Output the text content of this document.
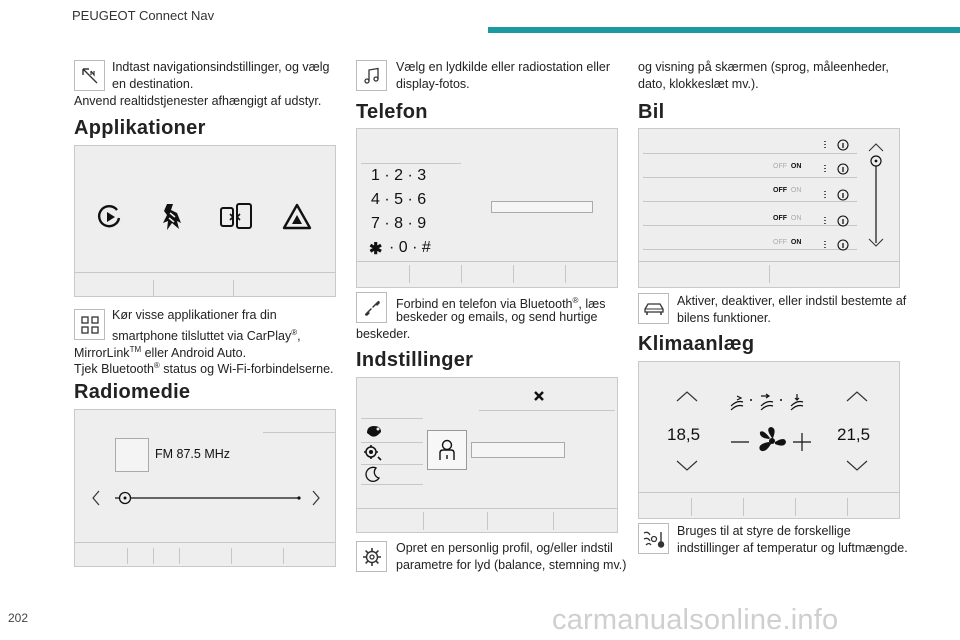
PEUGEOT Connect Nav
Indtast navigationsindstillinger, og vælg
en destination.
Anvend realtidstjenester afhængigt af udstyr.
Applikationer
Kør visse applikationer fra din
smartphone tilsluttet via CarPlay®,
MirrorLink™ eller Android Auto.
Tjek Bluetooth® status og Wi-Fi-forbindelserne.
Radiomedie
FM 87.5 MHz
202
Vælg en lydkilde eller radiostation eller
display-fotos.
Telefon
1 · 2 · 3
4 · 5 · 6
7 · 8 · 9
✱ · 0 · #
Forbind en telefon via Bluetooth®, læs
beskeder og emails, og send hurtige
beskeder.
Indstillinger
Opret en personlig profil, og/eller indstil
parametre for lyd (balance, stemning mv.)
og visning på skærmen (sprog, måleenheder,
dato, klokkeslæt mv.).
Bil
OFF ON
OFF ON
OFF ON
OFF ON
Aktiver, deaktiver, eller indstil bestemte af
bilens funktioner.
Klimaanlæg
18,5	21,5
Bruges til at styre de forskellige
indstillinger af temperatur og luftmængde.
carmanualsonline.info
